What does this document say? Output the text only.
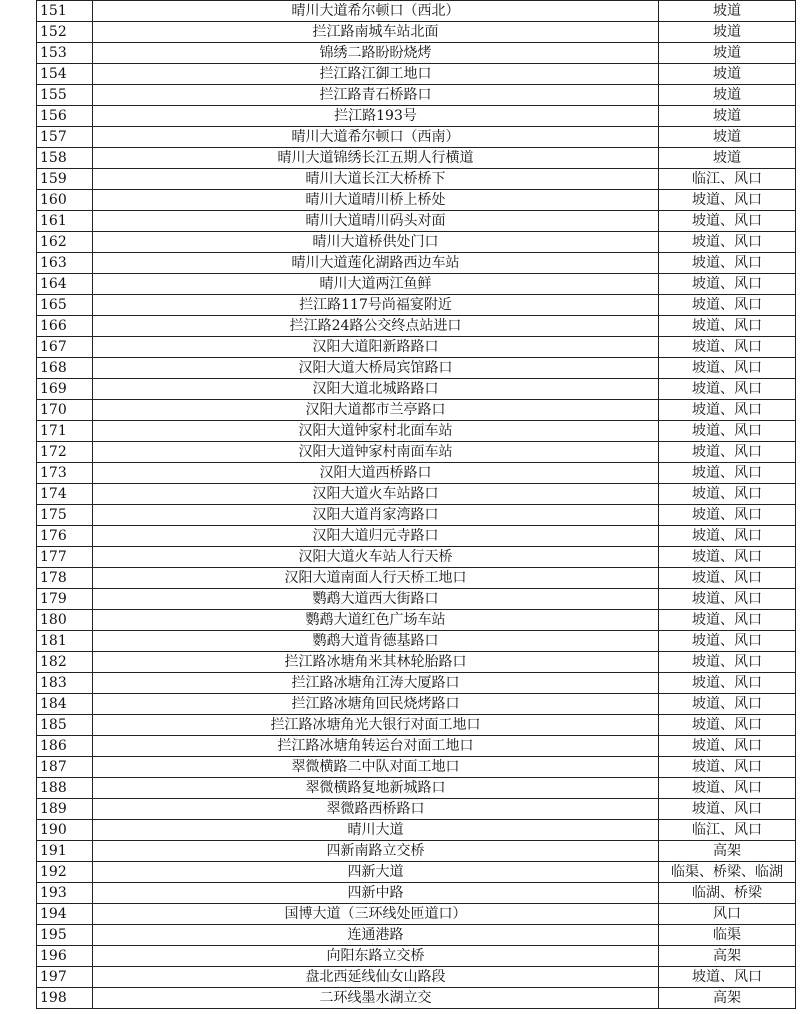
151	晴川大道希尔顿口（西北）	坡道
152	拦江路南城车站北面	坡道
153	锦绣二路盼盼烧烤	坡道
154	拦江路江御工地口	坡道
155	拦江路青石桥路口	坡道
156	拦江路193号	坡道
157	晴川大道希尔顿口（西南）	坡道
158	晴川大道锦绣长江五期人行横道	坡道
159	晴川大道长江大桥桥下	临江、风口
160	晴川大道晴川桥上桥处	坡道、风口
161	晴川大道晴川码头对面	坡道、风口
162	晴川大道桥供处门口	坡道、风口
163	晴川大道莲化湖路西边车站	坡道、风口
164	晴川大道两江鱼鲜	坡道、风口
165	拦江路117号尚福宴附近	坡道、风口
166	拦江路24路公交终点站进口	坡道、风口
167	汉阳大道阳新路路口	坡道、风口
168	汉阳大道大桥局宾馆路口	坡道、风口
169	汉阳大道北城路路口	坡道、风口
170	汉阳大道都市兰亭路口	坡道、风口
171	汉阳大道钟家村北面车站	坡道、风口
172	汉阳大道钟家村南面车站	坡道、风口
173	汉阳大道西桥路口	坡道、风口
174	汉阳大道火车站路口	坡道、风口
175	汉阳大道肖家湾路口	坡道、风口
176	汉阳大道归元寺路口	坡道、风口
177	汉阳大道火车站人行天桥	坡道、风口
178	汉阳大道南面人行天桥工地口	坡道、风口
179	鹦鹉大道西大街路口	坡道、风口
180	鹦鹉大道红色广场车站	坡道、风口
181	鹦鹉大道肯德基路口	坡道、风口
182	拦江路冰塘角米其林轮胎路口	坡道、风口
183	拦江路冰塘角江涛大厦路口	坡道、风口
184	拦江路冰塘角回民烧烤路口	坡道、风口
185	拦江路冰塘角光大银行对面工地口	坡道、风口
186	拦江路冰塘角转运台对面工地口	坡道、风口
187	翠微横路二中队对面工地口	坡道、风口
188	翠微横路复地新城路口	坡道、风口
189	翠微路西桥路口	坡道、风口
190	晴川大道	临江、风口
191	四新南路立交桥	高架
192	四新大道	临渠、桥梁、临湖
193	四新中路	临湖、桥梁
194	国博大道（三环线处匝道口）	风口
195	连通港路	临渠
196	向阳东路立交桥	高架
197	盘北西延线仙女山路段	坡道、风口
198	二环线墨水湖立交	高架
